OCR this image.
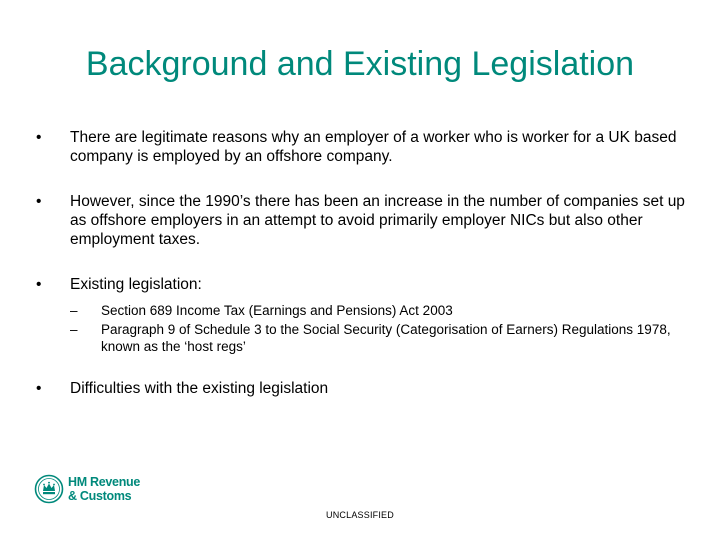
Background and Existing Legislation
•	There are legitimate reasons why an employer of a worker who is worker for a UK based company is employed by an offshore company.
•	However, since the 1990’s there has been an increase in the number of companies set up as offshore employers in an attempt to avoid primarily employer NICs but also other employment taxes.
•	Existing legislation:
– Section 689 Income Tax (Earnings and Pensions) Act 2003
– Paragraph 9 of Schedule 3 to the Social Security (Categorisation of Earners) Regulations 1978, known as the ‘host regs’
•	Difficulties with the existing legislation
HM Revenue
& Customs
UNCLASSIFIED
